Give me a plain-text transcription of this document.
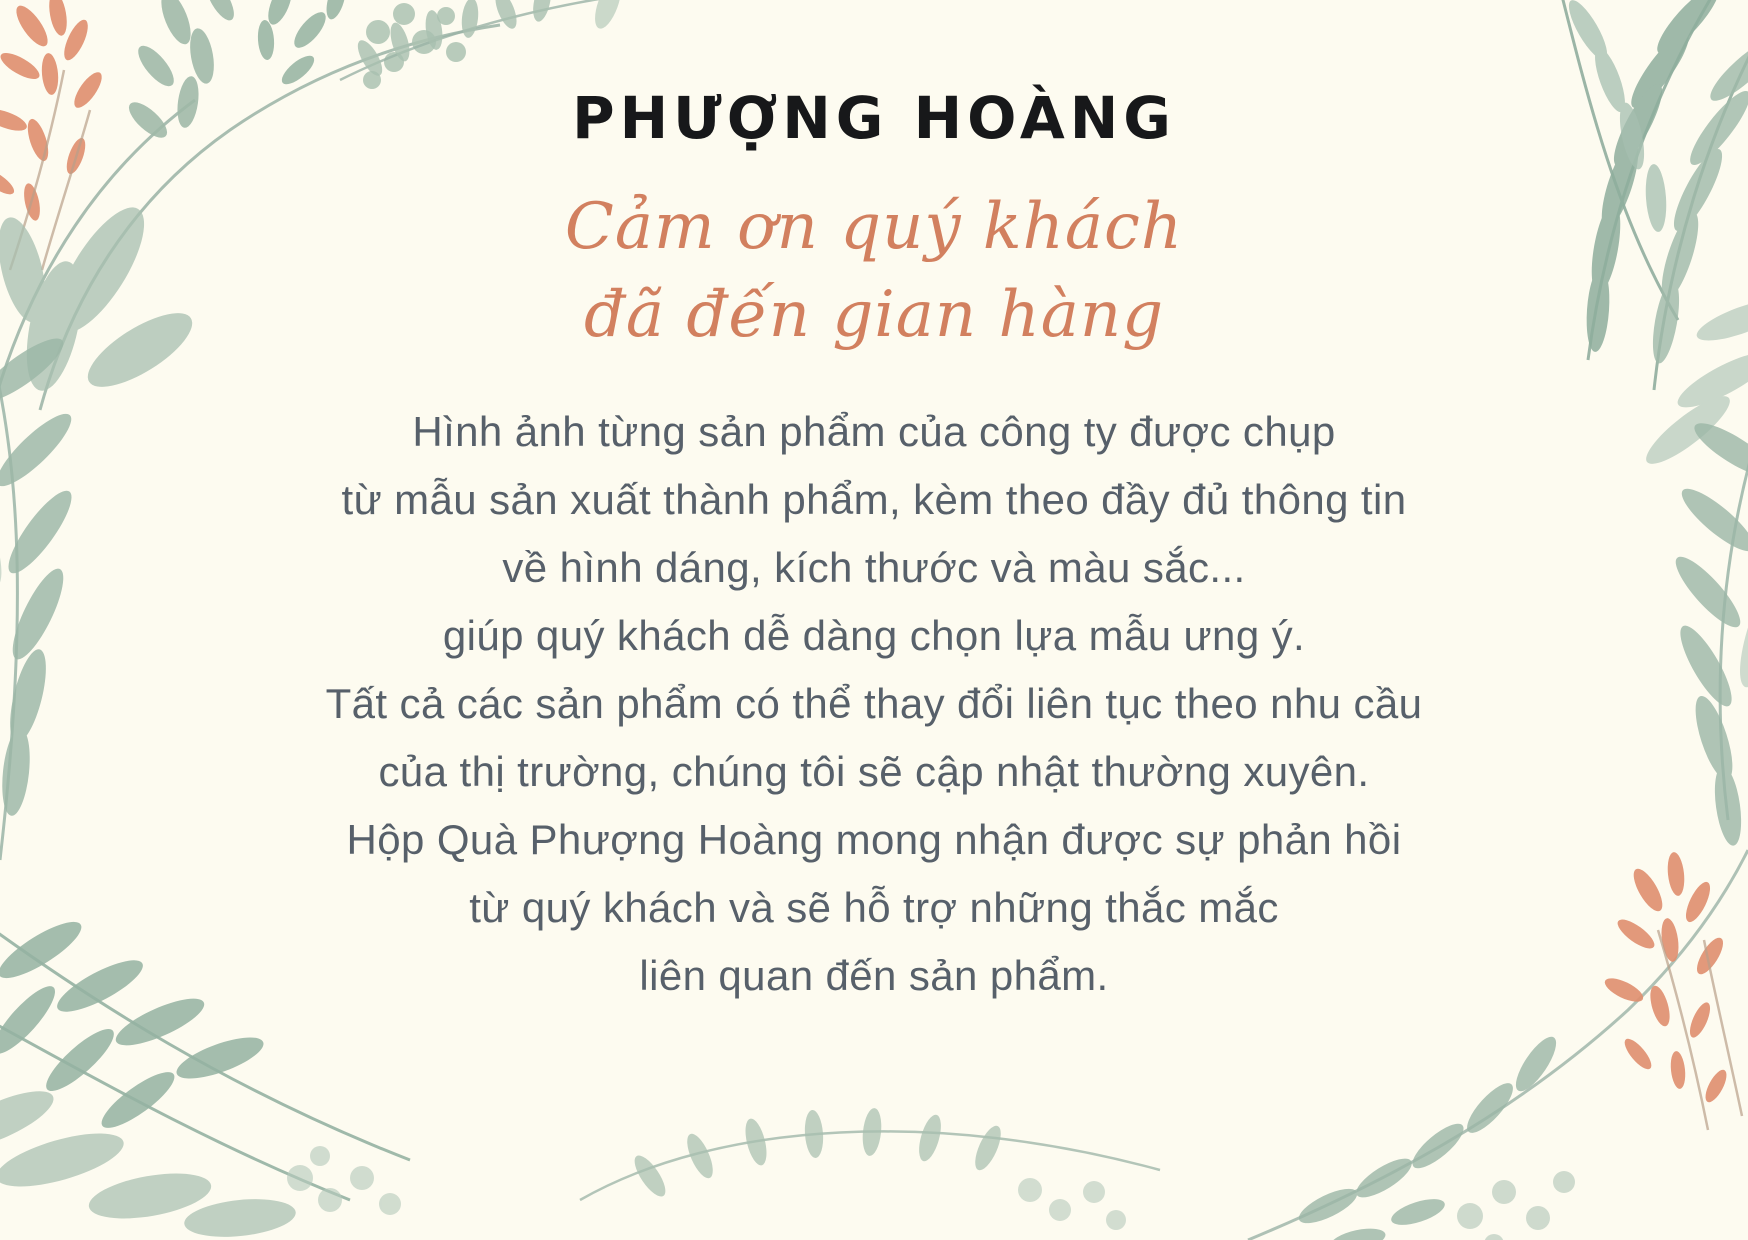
PHƯỢNG HOÀNG
Cảm ơn quý khách
đã đến gian hàng
Hình ảnh từng sản phẩm của công ty được chụp
từ mẫu sản xuất thành phẩm, kèm theo đầy đủ thông tin
về hình dáng, kích thước và màu sắc...
giúp quý khách dễ dàng chọn lựa mẫu ưng ý.
Tất cả các sản phẩm có thể thay đổi liên tục theo nhu cầu
của thị trường, chúng tôi sẽ cập nhật thường xuyên.
Hộp Quà Phượng Hoàng mong nhận được sự phản hồi
từ quý khách và sẽ hỗ trợ những thắc mắc
liên quan đến sản phẩm.
